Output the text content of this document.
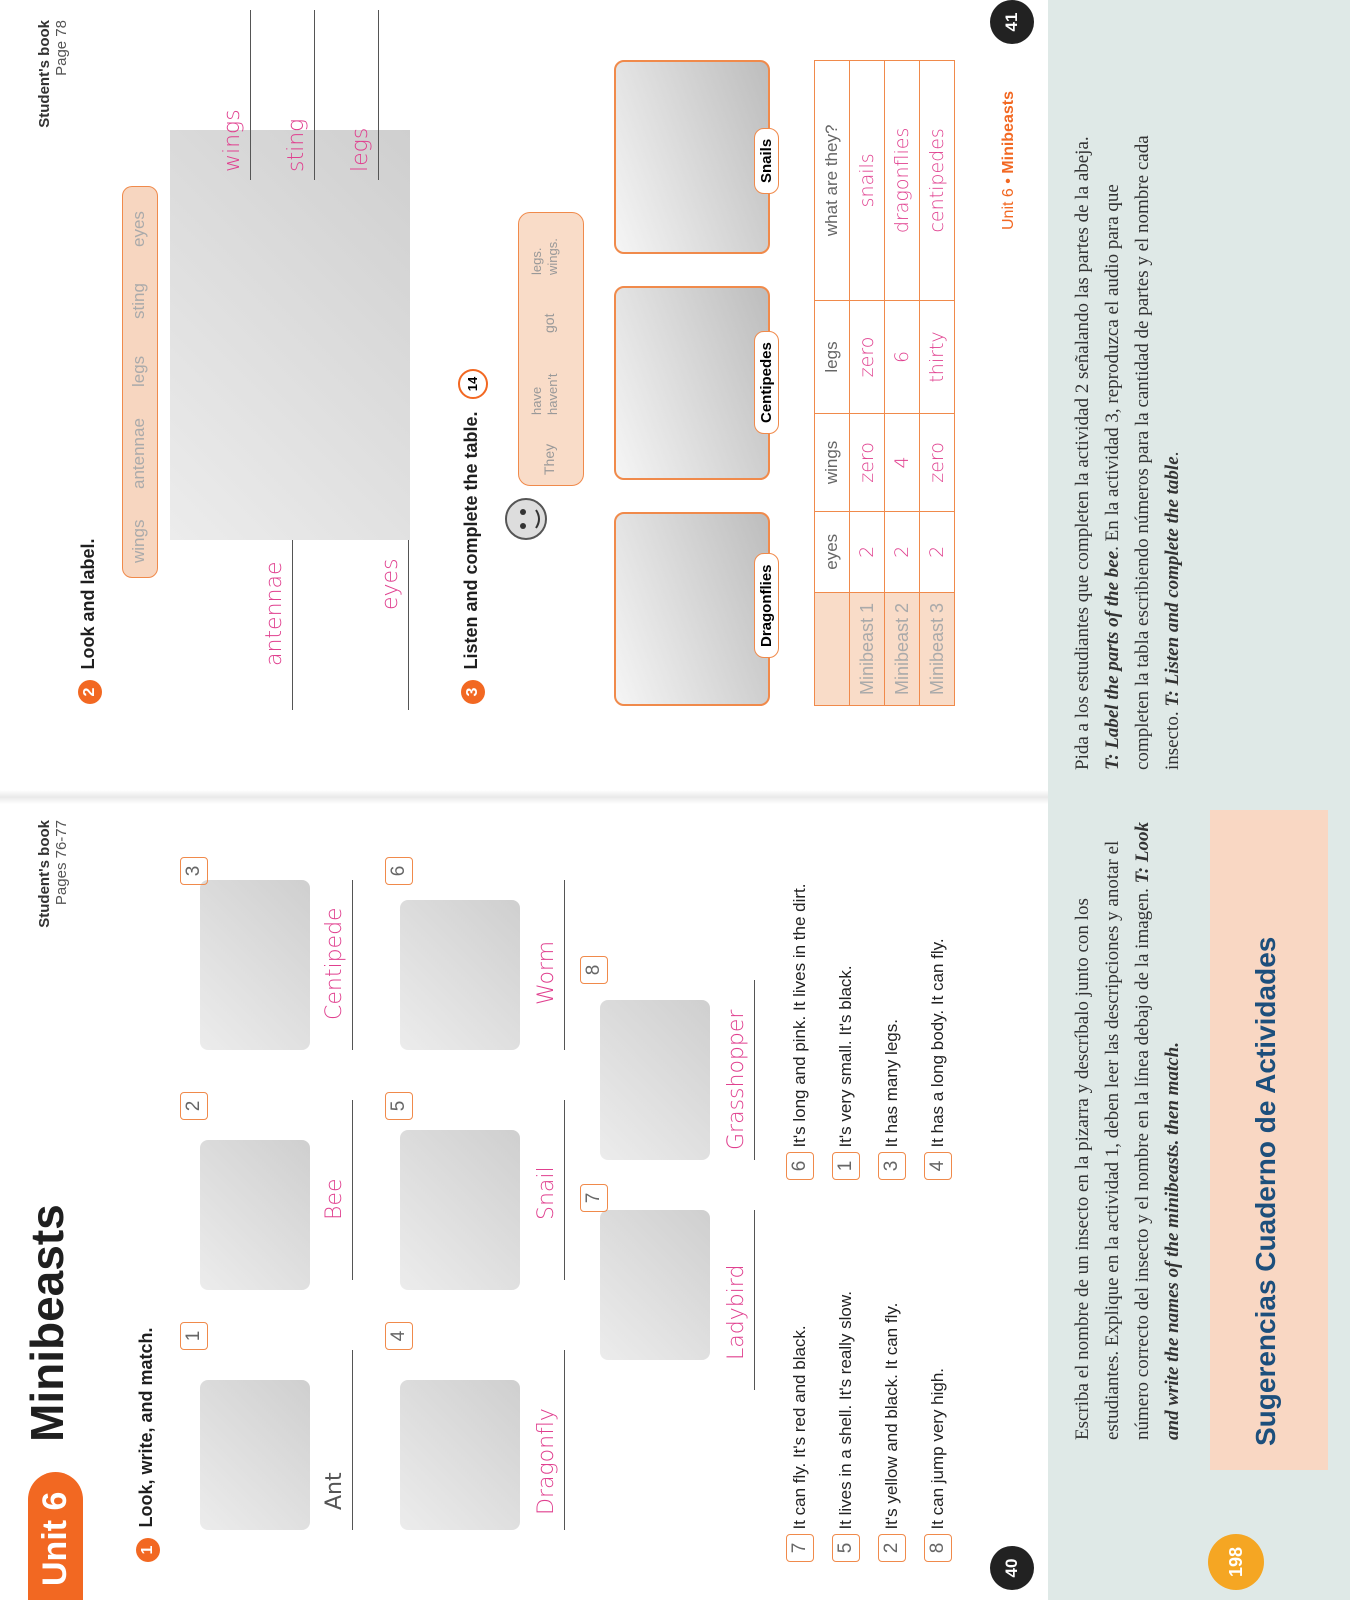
Unit 6
Minibeasts
Student's book Pages 76-77
1 Look, write, and match. 1
Ant
2
Bee
3
Centipede
4
Dragonfly
5
Snail
6
Worm
7
Ladybird
8
Grasshopper
7 It can fly. It's red and black.
5 It lives in a shell. It's really slow.
2 It's yellow and black. It can fly.
8 It can jump very high.
6 It's long and pink. It lives in the dirt.
1 It's very small. It's black.
3 It has many legs.
4 It has a long body. It can fly.
40
Student's book Page 78
2 Look and label. wings
antennae
legs
sting
eyes
antennae	eyes
wings sting legs
3 Listen and complete the table. 14
They
have haven't
got
legs. wings.
Dragonflies
Centipedes
Snails
	eyes	wings	legs	what are they?
Minibeast 1	2	zero	zero	snails
Minibeast 2	2	4	6	dragonflies
Minibeast 3	2	zero	thirty	centipedes	Unit 6 • Minibeasts
41
198
Sugerencias Cuaderno de Actividades
Escriba el nombre de un insecto en la pizarra y descríbalo junto con los estudiantes. Explique en la actividad 1, deben leer las descripciones y anotar el número correcto del insecto y el nombre en la línea debajo de la imagen. T: Look and write the names of the minibeasts. then match.
Pida a los estudiantes que completen la actividad 2 señalando las partes de la abeja. T: Label the parts of the bee. En la actividad 3, reproduzca el audio para que completen la tabla escribiendo números para la cantidad de partes y el nombre cada insecto. T: Listen and complete the table.
